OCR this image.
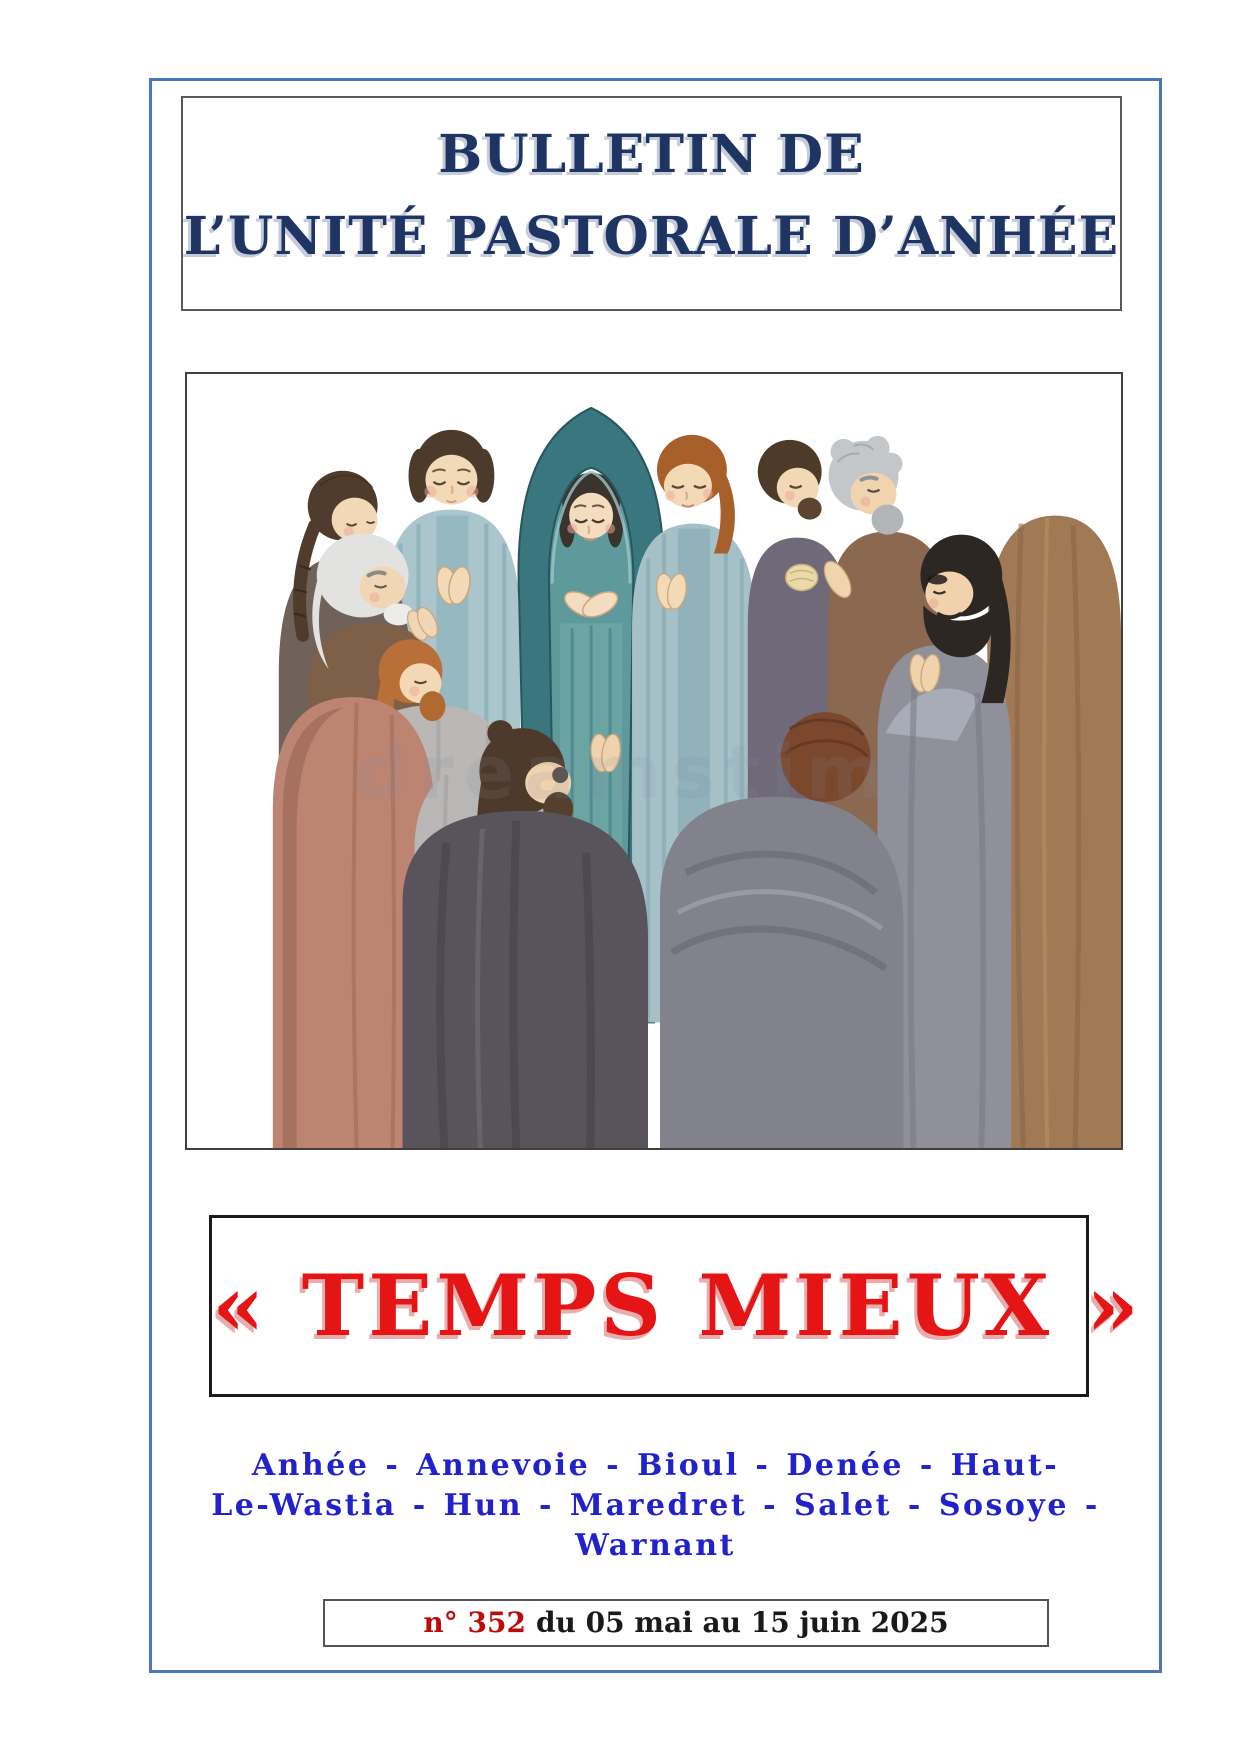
BULLETIN DE
L’UNITÉ PASTORALE D’ANHÉE
« TEMPS MIEUX »
Anhée - Annevoie - Bioul - Denée - Haut-
Le-Wastia - Hun - Maredret - Salet - Sosoye -
Warnant
n° 352 du 05 mai au 15 juin 2025
